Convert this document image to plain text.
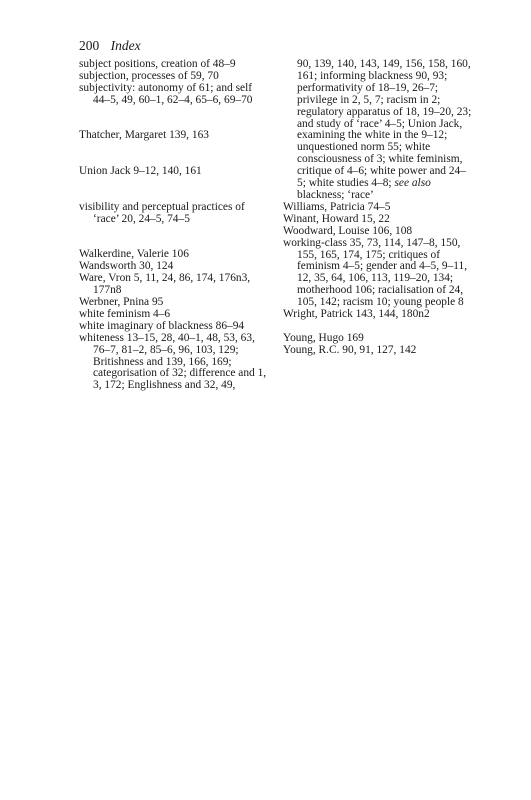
200 Index
subject positions, creation of 48–9
subjection, processes of 59, 70
subjectivity: autonomy of 61; and self 44–5, 49, 60–1, 62–4, 65–6, 69–70
Thatcher, Margaret 139, 163
Union Jack 9–12, 140, 161
visibility and perceptual practices of ‘race’ 20, 24–5, 74–5
Walkerdine, Valerie 106
Wandsworth 30, 124
Ware, Vron 5, 11, 24, 86, 174, 176n3, 177n8
Werbner, Pnina 95
white feminism 4–6
white imaginary of blackness 86–94
whiteness 13–15, 28, 40–1, 48, 53, 63, 76–7, 81–2, 85–6, 96, 103, 129; Britishness and 139, 166, 169; categorisation of 32; difference and 1, 3, 172; Englishness and 32, 49,
90, 139, 140, 143, 149, 156, 158, 160, 161; informing blackness 90, 93; performativity of 18–19, 26–7; privilege in 2, 5, 7; racism in 2; regulatory apparatus of 18, 19–20, 23; and study of ‘race’ 4–5; Union Jack, examining the white in the 9–12; unquestioned norm 55; white consciousness of 3; white feminism, critique of 4–6; white power and 24–5; white studies 4–8; see also blackness; ‘race’
Williams, Patricia 74–5
Winant, Howard 15, 22
Woodward, Louise 106, 108
working-class 35, 73, 114, 147–8, 150, 155, 165, 174, 175; critiques of feminism 4–5; gender and 4–5, 9–11, 12, 35, 64, 106, 113, 119–20, 134; motherhood 106; racialisation of 24, 105, 142; racism 10; young people 8
Wright, Patrick 143, 144, 180n2
Young, Hugo 169
Young, R.C. 90, 91, 127, 142
